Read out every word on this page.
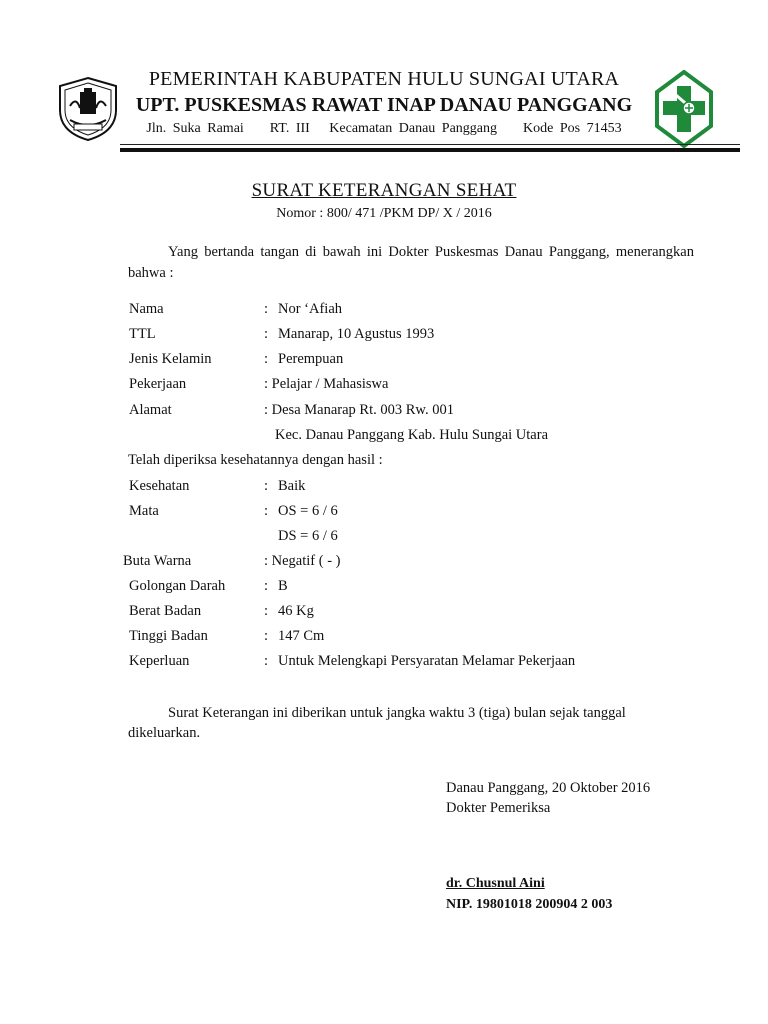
PEMERINTAH KABUPATEN HULU SUNGAI UTARA
UPT. PUSKESMAS RAWAT INAP DANAU PANGGANG
Jln. Suka Ramai    RT. III   Kecamatan Danau Panggang    Kode Pos 71453
SURAT KETERANGAN SEHAT
Nomor : 800/ 471 /PKM DP/ X / 2016
Yang bertanda tangan di bawah ini Dokter Puskesmas Danau Panggang, menerangkan bahwa :
Nama	: Nor ‘Afiah
TTL	: Manarap, 10 Agustus 1993
Jenis Kelamin	: Perempuan
Pekerjaan	: Pelajar / Mahasiswa
Alamat	: Desa Manarap Rt. 003 Rw. 001
Kec. Danau Panggang Kab. Hulu Sungai Utara
Telah diperiksa kesehatannya dengan hasil :
Kesehatan	: Baik
Mata	: OS = 6 / 6
DS = 6 / 6
Buta Warna	: Negatif ( - )
Golongan Darah	: B
Berat Badan	: 46 Kg
Tinggi Badan	: 147 Cm
Keperluan	: Untuk Melengkapi Persyaratan Melamar Pekerjaan
Surat Keterangan ini diberikan untuk jangka waktu 3 (tiga) bulan sejak tanggal dikeluarkan.
Danau Panggang, 20 Oktober 2016
Dokter Pemeriksa
dr. Chusnul Aini
NIP. 19801018 200904 2 003
